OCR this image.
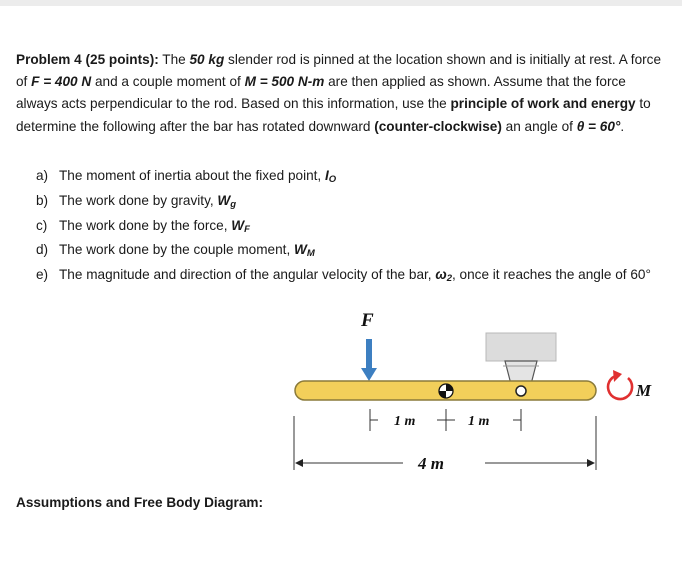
Problem 4 (25 points): The 50 kg slender rod is pinned at the location shown and is initially at rest. A force of F = 400 N and a couple moment of M = 500 N-m are then applied as shown. Assume that the force always acts perpendicular to the rod. Based on this information, use the principle of work and energy to determine the following after the bar has rotated downward (counter-clockwise) an angle of θ = 60°.

a) The moment of inertia about the fixed point, $I_O$
b) The work done by gravity, $W_g$
c) The work done by the force, $W_F$
d) The work done by the couple moment, $W_M$
e) The magnitude and direction of the angular velocity of the bar, $\omega_2$, once it reaches the angle of 60°
F
M
1 m	1 m
4 m

Assumptions and Free Body Diagram:
